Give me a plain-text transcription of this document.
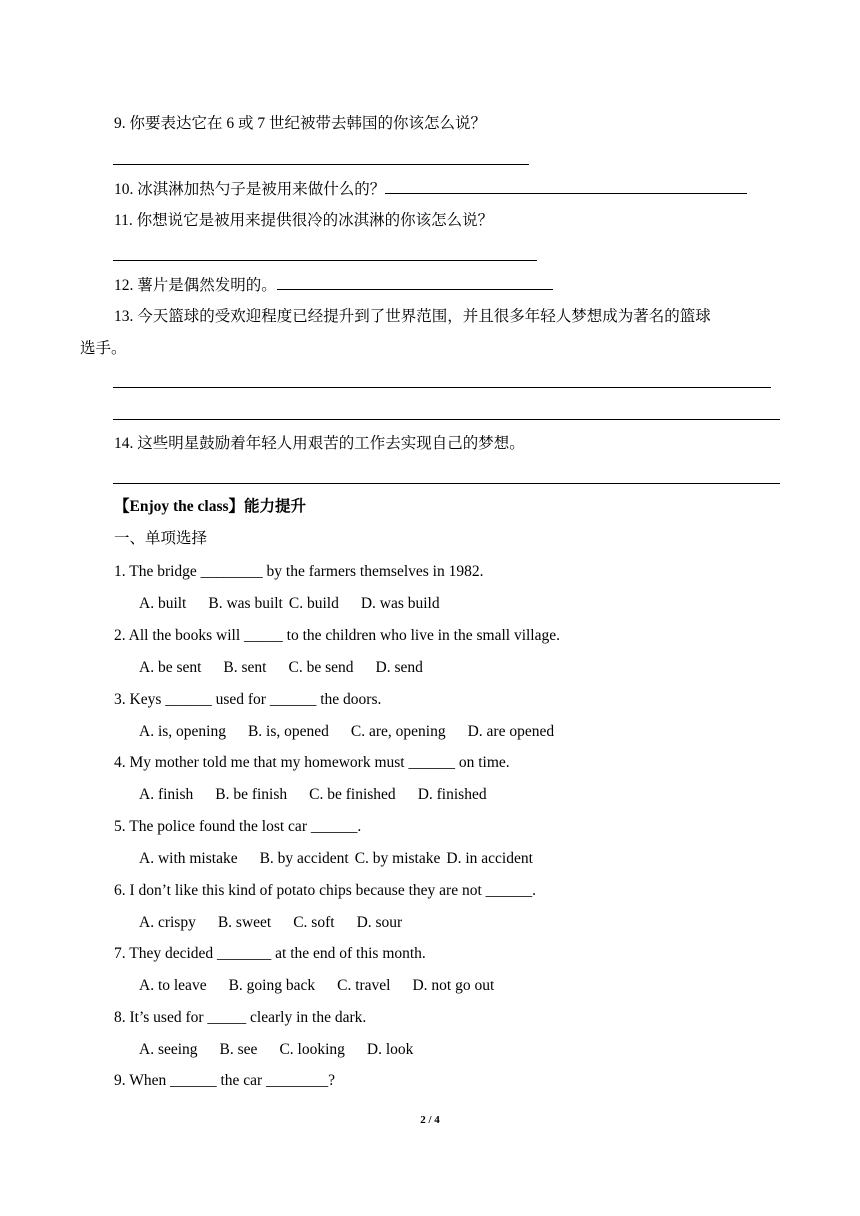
9. 你要表达它在 6 或 7 世纪被带去韩国的你该怎么说？
10. 冰淇淋加热勺子是被用来做什么的？
11. 你想说它是被用来提供很冷的冰淇淋的你该怎么说？
12. 薯片是偶然发明的。
13. 今天篮球的受欢迎程度已经提升到了世界范围，并且很多年轻人梦想成为著名的篮球
选手。
14. 这些明星鼓励着年轻人用艰苦的工作去实现自己的梦想。
【Enjoy the class】能力提升
一、单项选择
1. The bridge ________ by the farmers themselves in 1982.
A. built B. was built C. build D. was build
2. All the books will _____ to the children who live in the small village.
A. be sent B. sent C. be send D. send
3. Keys ______ used for ______ the doors.
A. is, opening B. is, opened C. are, opening D. are opened
4. My mother told me that my homework must ______ on time.
A. finish B. be finish C. be finished D. finished
5. The police found the lost car ______.
A. with mistake B. by accident C. by mistake D. in accident
6. I don’t like this kind of potato chips because they are not ______.
A. crispy B. sweet C. soft D. sour
7. They decided _______ at the end of this month.
A. to leave B. going back C. travel D. not go out
8. It’s used for _____ clearly in the dark.
A. seeing B. see C. looking D. look
9. When ______ the car ________?
2 / 4
